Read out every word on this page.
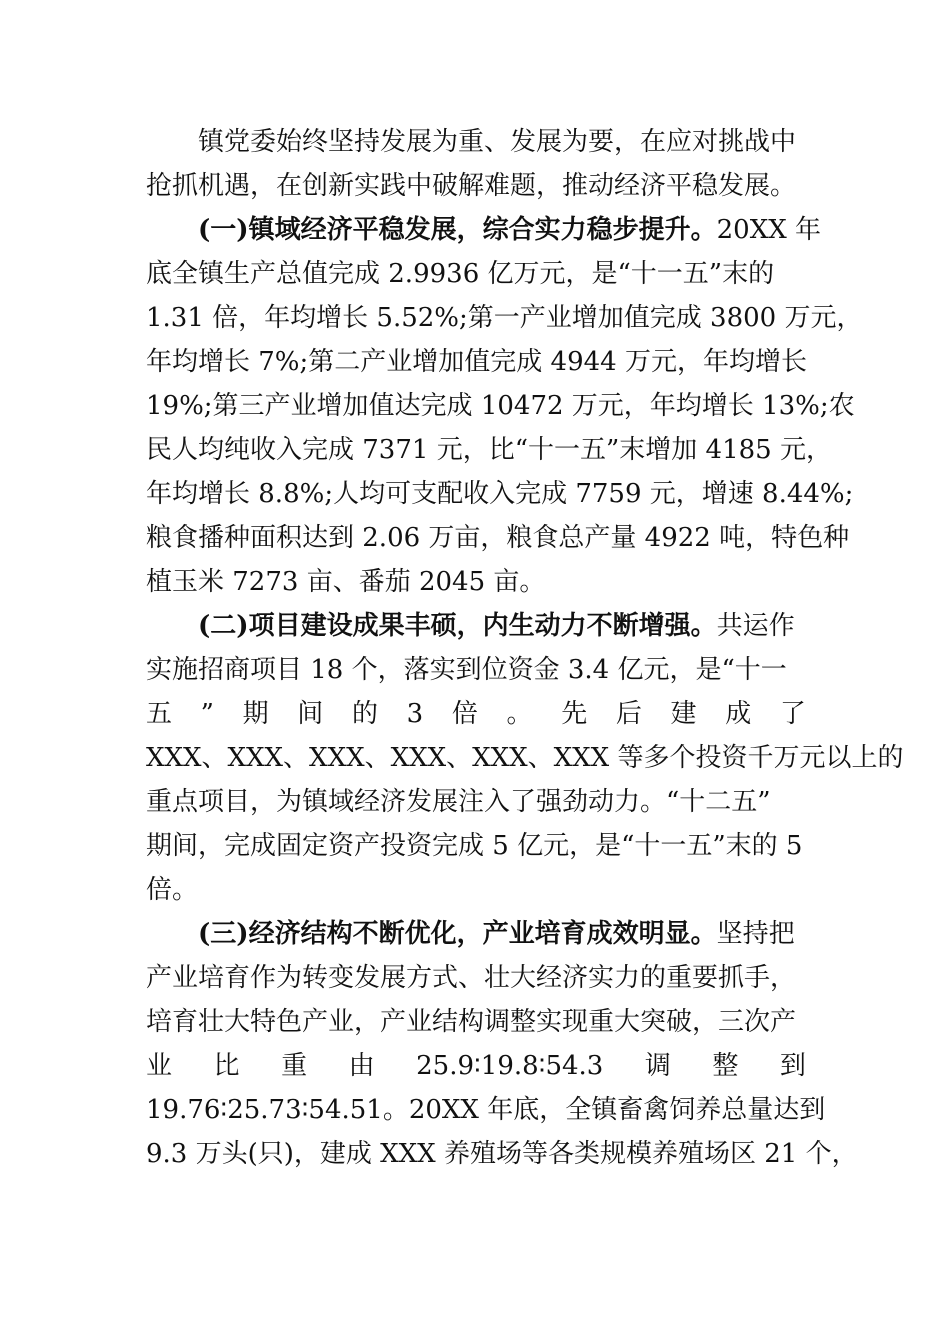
镇党委始终坚持发展为重、发展为要，在应对挑战中
抢抓机遇，在创新实践中破解难题，推动经济平稳发展。
(一)镇域经济平稳发展，综合实力稳步提升。20XX 年
底全镇生产总值完成 2.9936 亿万元，是“十一五”末的
1.31 倍，年均增长 5.52%;第一产业增加值完成 3800 万元，
年均增长 7%;第二产业增加值完成 4944 万元，年均增长
19%;第三产业增加值达完成 10472 万元，年均增长 13%;农
民人均纯收入完成 7371 元，比“十一五”末增加 4185 元，
年均增长 8.8%;人均可支配收入完成 7759 元，增速 8.44%;
粮食播种面积达到 2.06 万亩，粮食总产量 4922 吨，特色种
植玉米 7273 亩、番茄 2045 亩。
(二)项目建设成果丰硕，内生动力不断增强。共运作
实施招商项目 18 个，落实到位资金 3.4 亿元，是“十一
五 ” 期 间 的 3 倍 。 先 后 建 成 了
XXX、XXX、XXX、XXX、XXX、XXX 等多个投资千万元以上的
重点项目，为镇域经济发展注入了强劲动力。“十二五”
期间，完成固定资产投资完成 5 亿元，是“十一五”末的 5
倍。
(三)经济结构不断优化，产业培育成效明显。坚持把
产业培育作为转变发展方式、壮大经济实力的重要抓手，
培育壮大特色产业，产业结构调整实现重大突破，三次产
业 比 重 由 25.9∶19.8∶54.3 调 整 到
19.76∶25.73∶54.51。20XX 年底，全镇畜禽饲养总量达到
9.3 万头(只)，建成 XXX 养殖场等各类规模养殖场区 21 个，
